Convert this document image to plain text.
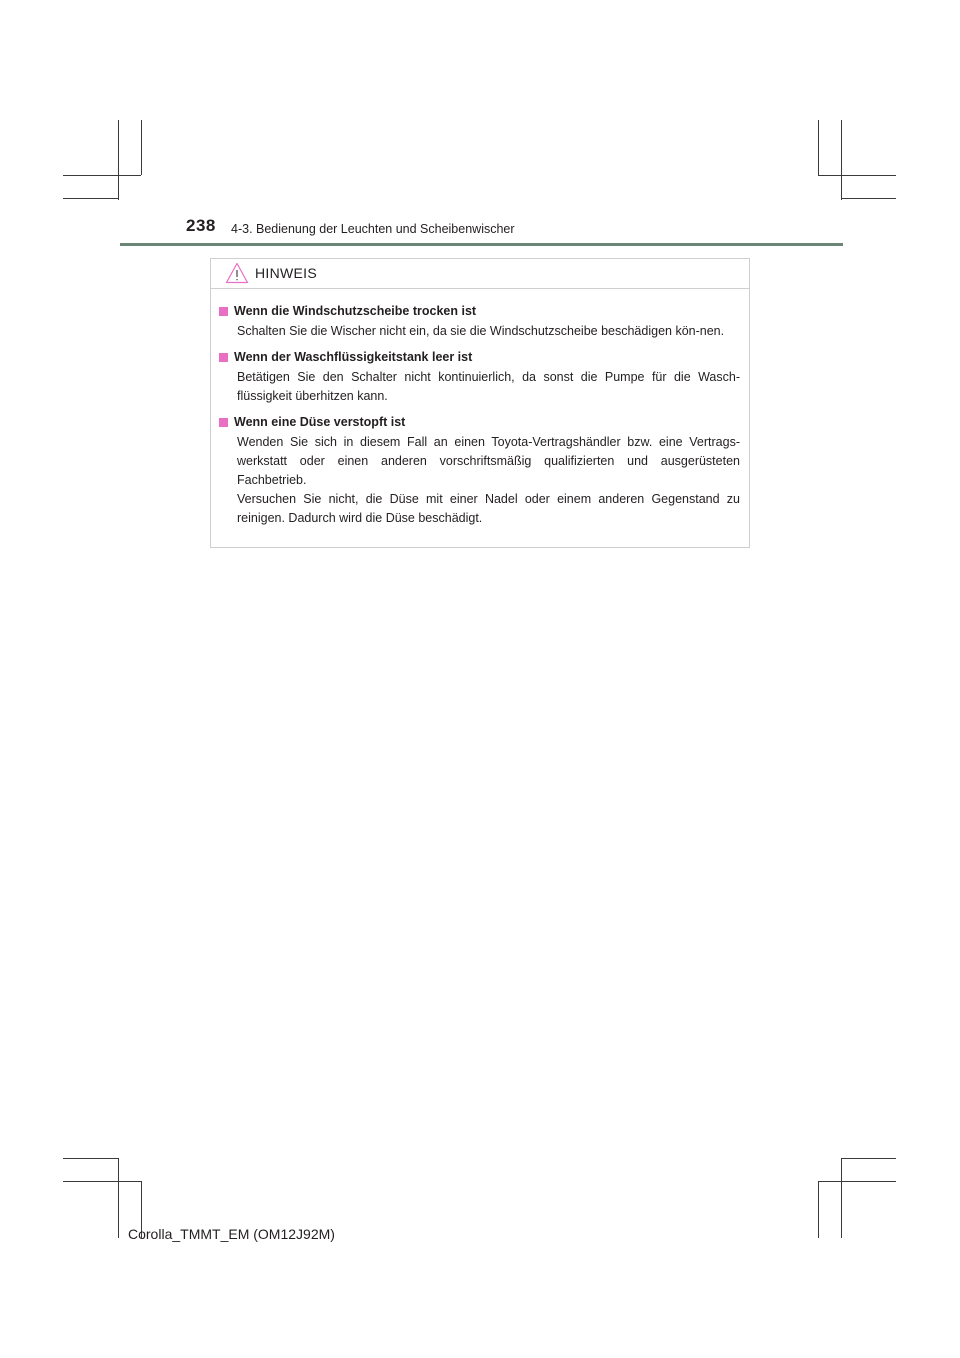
238 4-3. Bedienung der Leuchten und Scheibenwischer
HINWEIS
Wenn die Windschutzscheibe trocken ist

Schalten Sie die Wischer nicht ein, da sie die Windschutzscheibe beschädigen kön-nen.

Wenn der Waschflüssigkeitstank leer ist

Betätigen Sie den Schalter nicht kontinuierlich, da sonst die Pumpe für die Wasch-flüssigkeit überhitzen kann.

Wenn eine Düse verstopft ist

Wenden Sie sich in diesem Fall an einen Toyota-Vertragshändler bzw. eine Vertrags-werkstatt oder einen anderen vorschriftsmäßig qualifizierten und ausgerüsteten Fachbetrieb.

Versuchen Sie nicht, die Düse mit einer Nadel oder einem anderen Gegenstand zu reinigen. Dadurch wird die Düse beschädigt.

Corolla_TMMT_EM (OM12J92M)
